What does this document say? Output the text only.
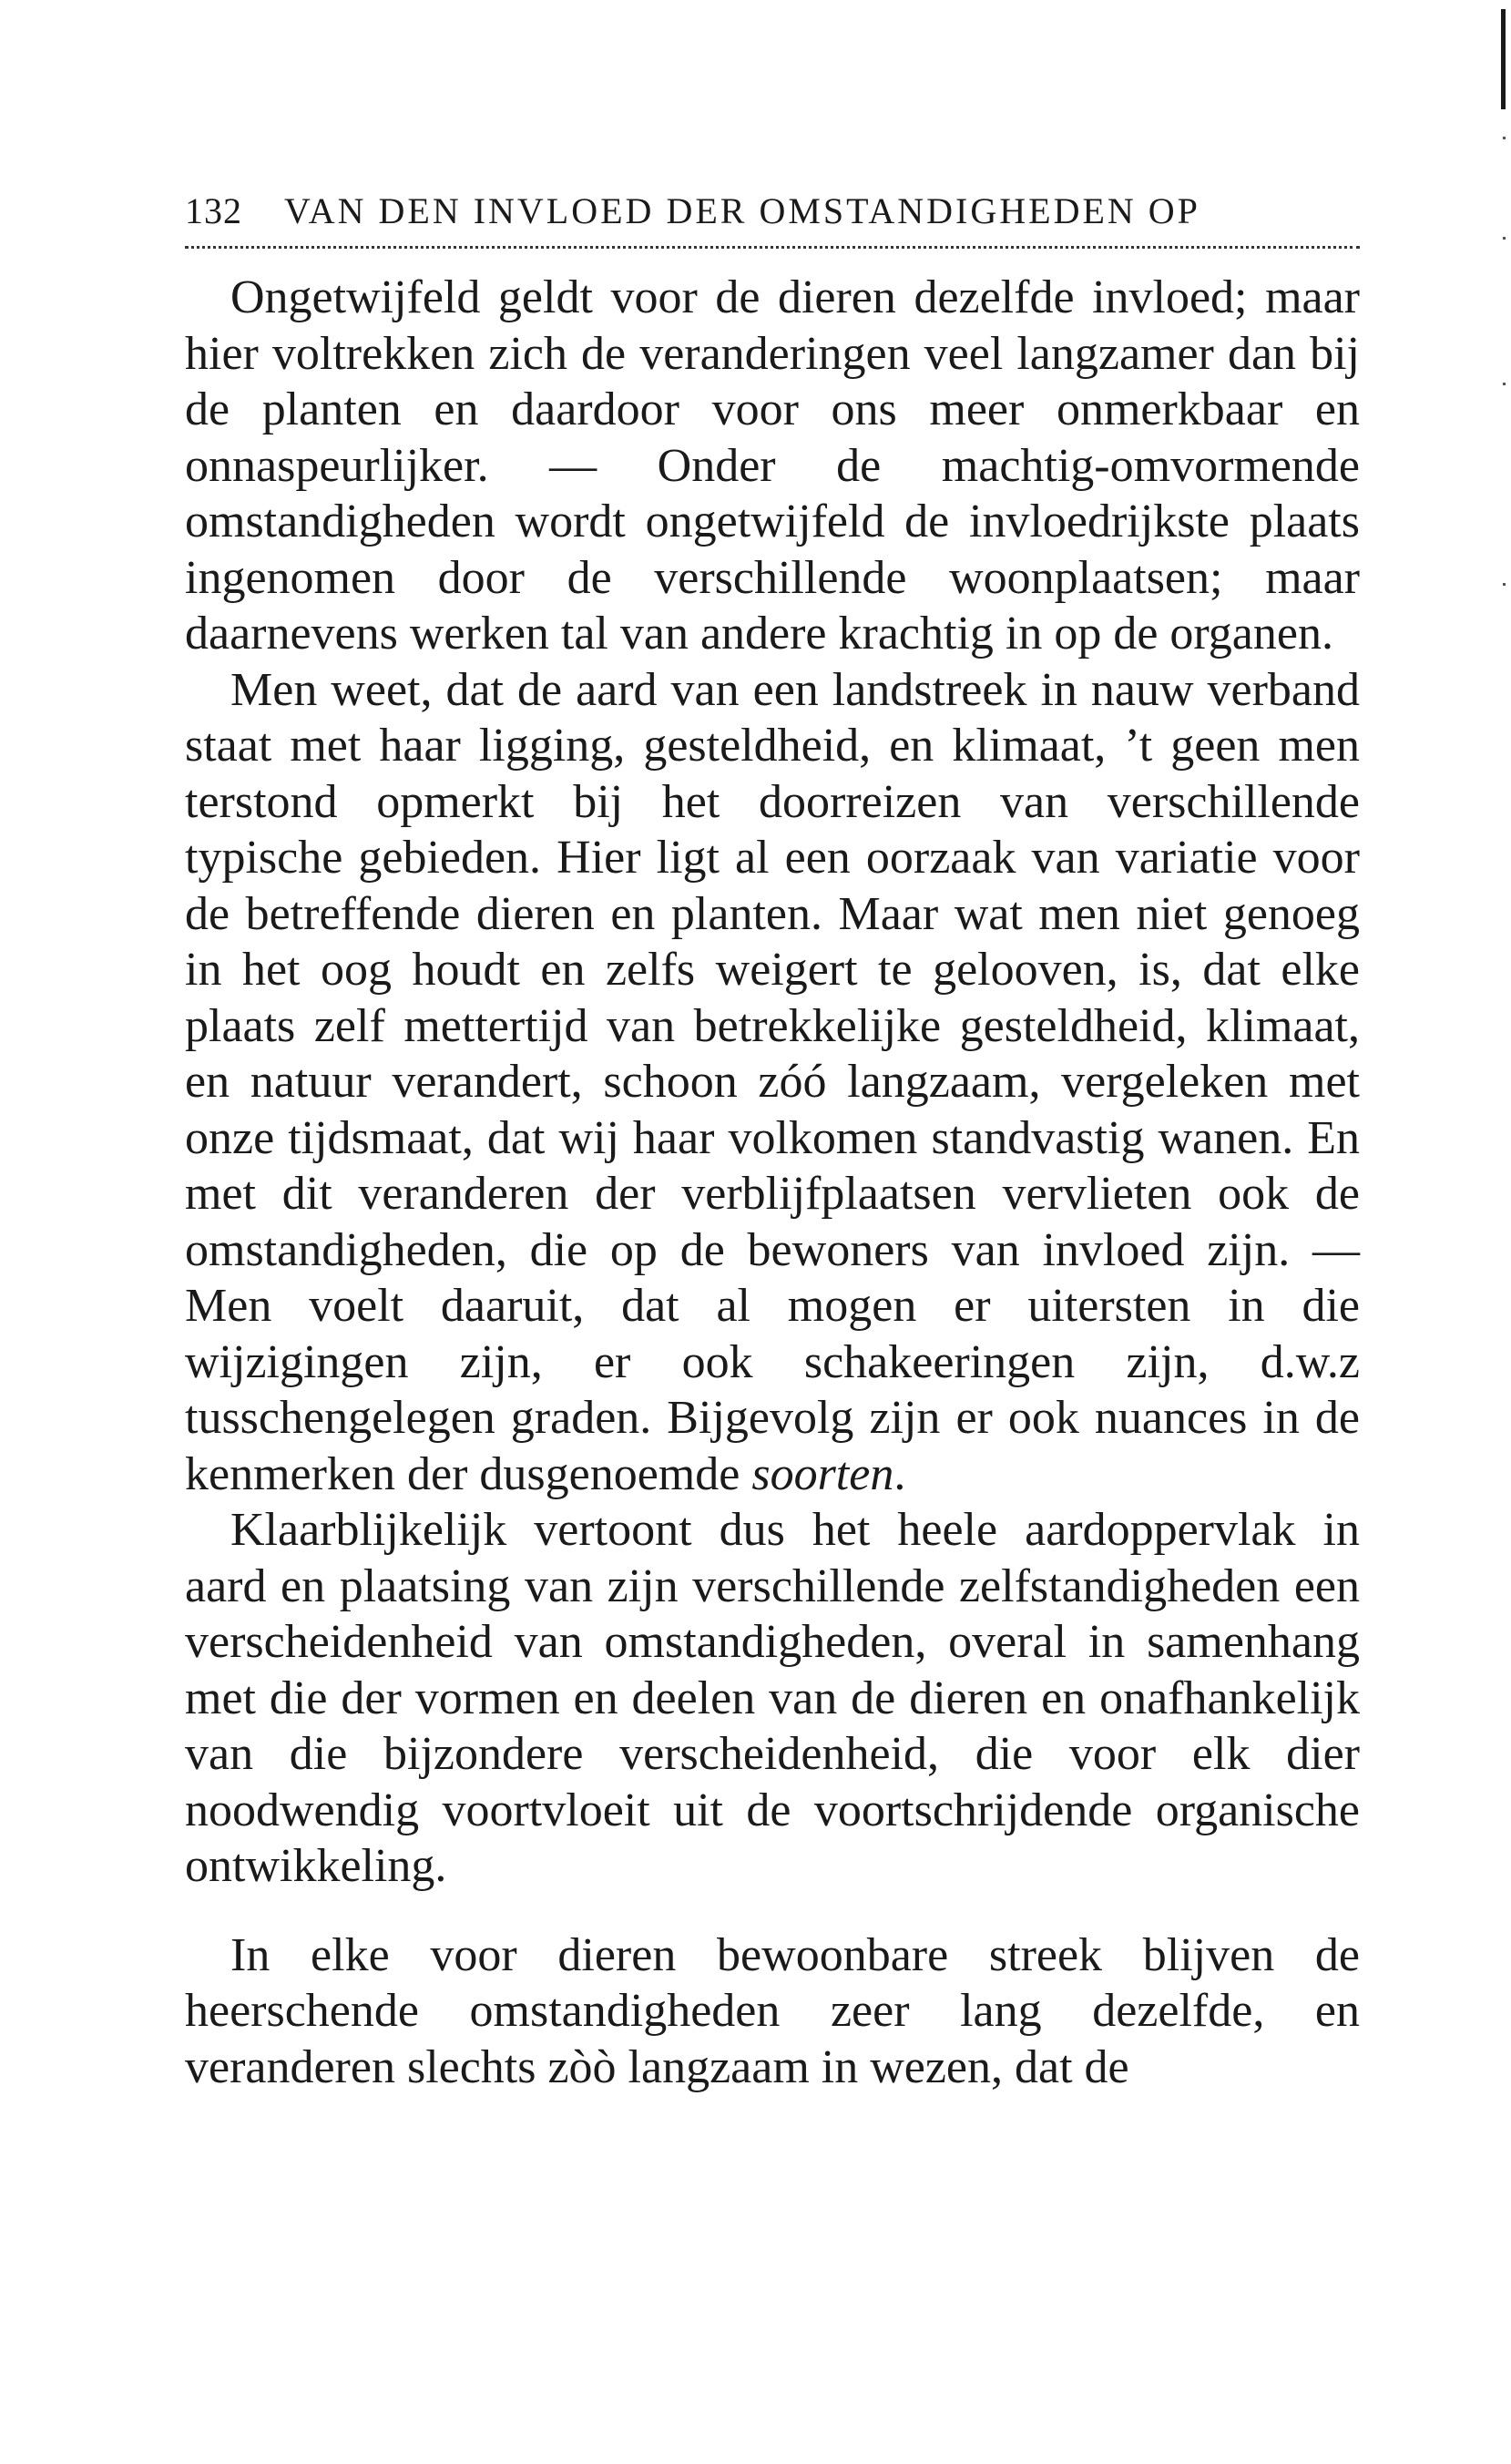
132 VAN DEN INVLOED DER OMSTANDIGHEDEN OP

Ongetwijfeld geldt voor de dieren dezelfde invloed; maar hier voltrekken zich de veranderingen veel langzamer dan bij de planten en daardoor voor ons meer onmerkbaar en onnaspeurlijker. — Onder de machtig-omvormende omstandigheden wordt ongetwijfeld de invloedrijkste plaats ingenomen door de verschillende woonplaatsen; maar daarnevens werken tal van andere krachtig in op de organen.

Men weet, dat de aard van een landstreek in nauw verband staat met haar ligging, gesteldheid, en klimaat, ’t geen men terstond opmerkt bij het doorreizen van verschillende typische gebieden. Hier ligt al een oorzaak van variatie voor de betreffende dieren en planten. Maar wat men niet genoeg in het oog houdt en zelfs weigert te gelooven, is, dat elke plaats zelf mettertijd van betrekkelijke gesteldheid, klimaat, en natuur verandert, schoon zóó langzaam, vergeleken met onze tijdsmaat, dat wij haar volkomen standvastig wanen. En met dit veranderen der verblijfplaatsen vervlieten ook de omstandigheden, die op de bewoners van invloed zijn. — Men voelt daaruit, dat al mogen er uitersten in die wijzigingen zijn, er ook schakeeringen zijn, d.w.z tusschengelegen graden. Bijgevolg zijn er ook nuances in de kenmerken der dusgenoemde soorten.

Klaarblijkelijk vertoont dus het heele aardoppervlak in aard en plaatsing van zijn verschillende zelfstandigheden een verscheidenheid van omstandigheden, overal in samenhang met die der vormen en deelen van de dieren en onafhankelijk van die bijzondere verscheidenheid, die voor elk dier noodwendig voortvloeit uit de voortschrijdende organische ontwikkeling.

In elke voor dieren bewoonbare streek blijven de heerschende omstandigheden zeer lang dezelfde, en veranderen slechts zòò langzaam in wezen, dat de
